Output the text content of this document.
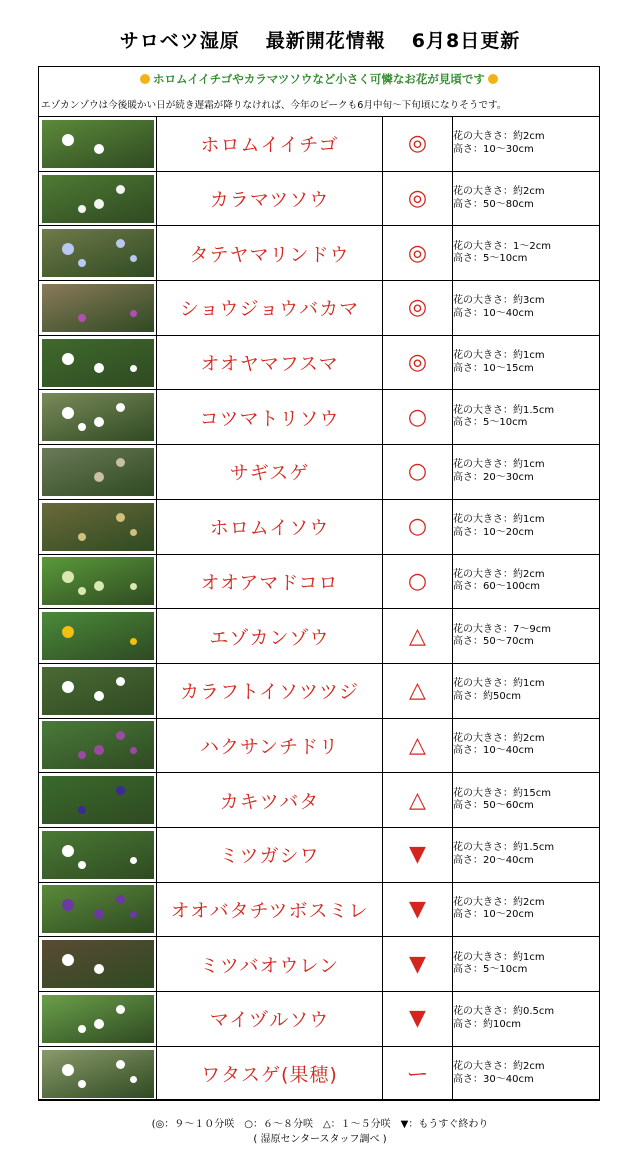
サロベツ湿原 最新開花情報 6月8日更新
ホロムイイチゴやカラマツソウなど小さく可憐なお花が見頃です
エゾカンゾウは今後暖かい日が続き遅霜が降りなければ、今年のピークも6月中旬～下旬頃になりそうです。
	ホロムイイチゴ	◎	花の大きさ：約2cm
高さ：10～30cm

	カラマツソウ	◎	花の大きさ：約2cm
高さ：50～80cm

	タテヤマリンドウ	◎	花の大きさ：1～2cm
高さ：5～10cm

	ショウジョウバカマ	◎	花の大きさ：約3cm
高さ：10～40cm

	オオヤマフスマ	◎	花の大きさ：約1cm
高さ：10～15cm

	コツマトリソウ	○	花の大きさ：約1.5cm
高さ：5～10cm

	サギスゲ	○	花の大きさ：約1cm
高さ：20～30cm

	ホロムイソウ	○	花の大きさ：約1cm
高さ：10～20cm

	オオアマドコロ	○	花の大きさ：約2cm
高さ：60～100cm

	エゾカンゾウ	△	花の大きさ：7～9cm
高さ：50～70cm

	カラフトイソツツジ	△	花の大きさ：約1cm
高さ：約50cm

	ハクサンチドリ	△	花の大きさ：約2cm
高さ：10～40cm

	カキツバタ	△	花の大きさ：約15cm
高さ：50～60cm

	ミツガシワ	▼	花の大きさ：約1.5cm
高さ：20～40cm

	オオバタチツボスミレ	▼	花の大きさ：約2cm
高さ：10～20cm

	ミツバオウレン	▼	花の大きさ：約1cm
高さ：5～10cm

	マイヅルソウ	▼	花の大きさ：約0.5cm
高さ：約10cm

	ワタスゲ(果穂)	ー	花の大きさ：約2cm
高さ：30～40cm
(◎：９～１０分咲　○：６～８分咲　△：１～５分咲　▼：もうすぐ終わり
( 湿原センタースタッフ調べ )
